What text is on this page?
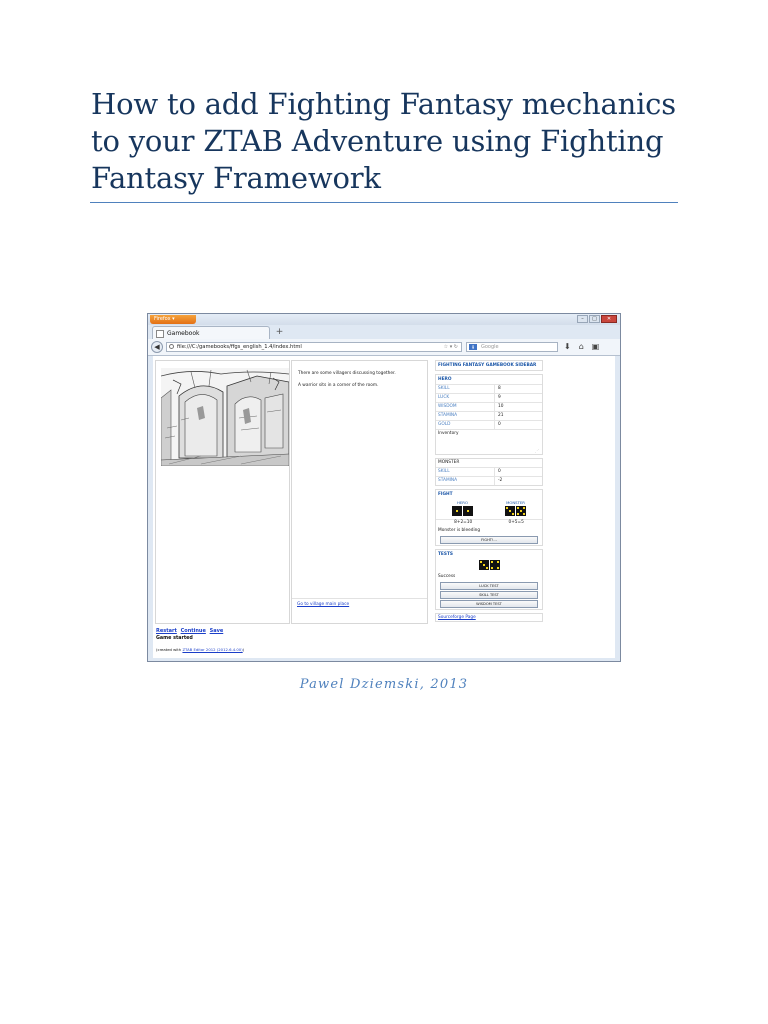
How to add Fighting Fantasy mechanics to your ZTAB Adventure using Fighting Fantasy Framework
Firefox ▾	–	□	✕
Gamebook	+
◀	file:///C:/gamebooks/ffgs_english_1.4/index.html	☆ ▾ ↻	g	Google	⬇ ⌂ ▣

There are some villagers discussing together.

A warrior sits in a corner of the room.

Go to village main place
Restart Continue Save
Game started
(created with ZTAB Editor 2012 (2012.6.4.00))
FIGHTING FANTASY GAMEBOOK SIDEBAR
HERO
SKILL	8
LUCK	9
WISDOM	10
STAMINA	21
GOLD	0
Inventory
⋰
MONSTER
SKILL	0
STAMINA	-2
FIGHT
HERO	MONSTER
8+2=10	0+5=5
Monster is bleeding
FIGHT!...
TESTS
Success
LUCK TEST
SKILL TEST
WISDOM TEST
Sourceforge Page
Pawel Dziemski, 2013
